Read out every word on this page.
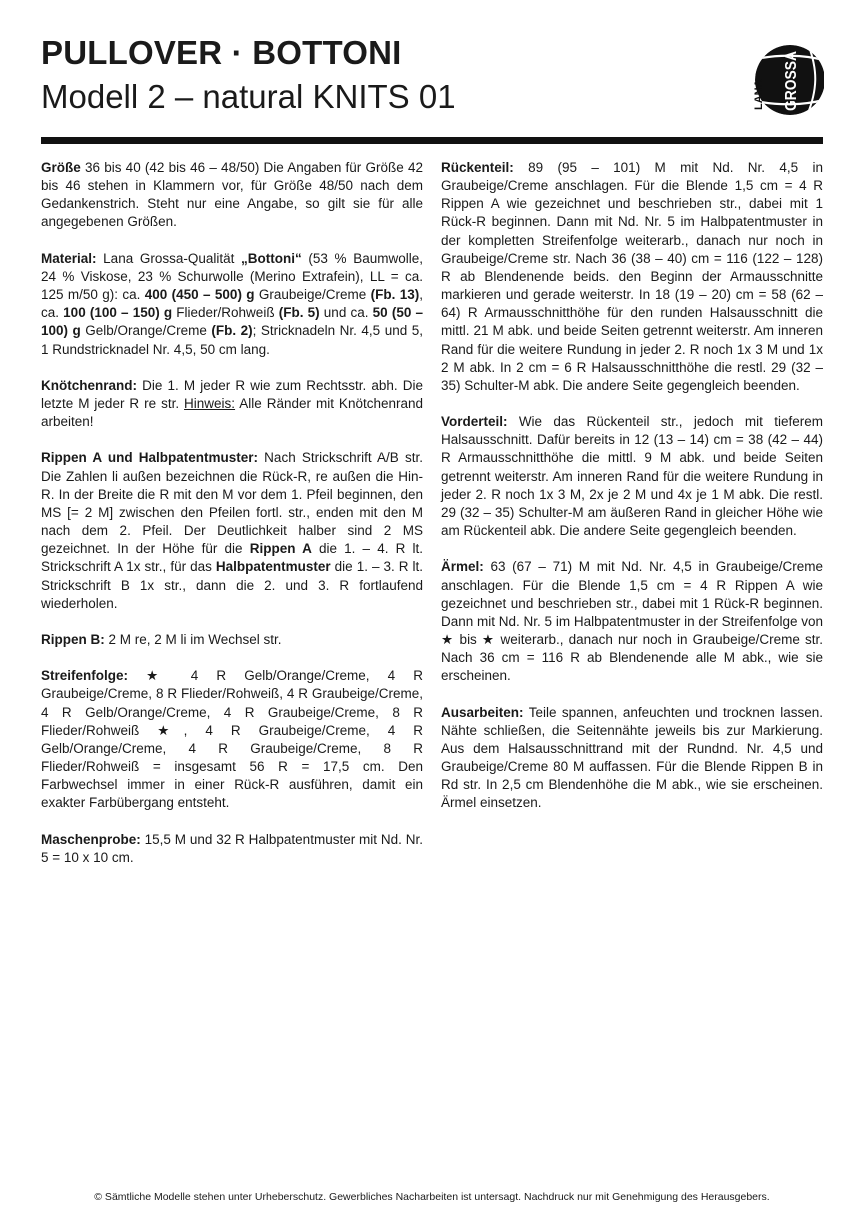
PULLOVER · BOTTONI
Modell 2 – natural KNITS 01	LANA GROSSA

Größe 36 bis 40 (42 bis 46 – 48/50) Die Angaben für Größe 42 bis 46 stehen in Klammern vor, für Größe 48/50 nach dem Gedankenstrich. Steht nur eine Angabe, so gilt sie für alle angegebenen Größen.

Material: Lana Grossa-Qualität „Bottoni“ (53 % Baumwolle, 24 % Viskose, 23 % Schurwolle (Merino Extrafein), LL = ca. 125 m/50 g): ca. 400 (450 – 500) g Graubeige/Creme (Fb. 13), ca. 100 (100 – 150) g Flieder/Rohweiß (Fb. 5) und ca. 50 (50 – 100) g Gelb/Orange/Creme (Fb. 2); Stricknadeln Nr. 4,5 und 5, 1 Rundstricknadel Nr. 4,5, 50 cm lang.

Knötchenrand: Die 1. M jeder R wie zum Rechtsstr. abh. Die letzte M jeder R re str. Hinweis: Alle Ränder mit Knötchenrand arbeiten!

Rippen A und Halbpatentmuster: Nach Strickschrift A/B str. Die Zahlen li außen bezeichnen die Rück-R, re außen die Hin-R. In der Breite die R mit den M vor dem 1. Pfeil beginnen, den MS [= 2 M] zwischen den Pfeilen fortl. str., enden mit den M nach dem 2. Pfeil. Der Deutlichkeit halber sind 2 MS gezeichnet. In der Höhe für die Rippen A die 1. – 4. R lt. Strickschrift A 1x str., für das Halbpatentmuster die 1. – 3. R lt. Strickschrift B 1x str., dann die 2. und 3. R fortlaufend wiederholen.

Rippen B: 2 M re, 2 M li im Wechsel str.

Streifenfolge: ★ 4 R Gelb/Orange/Creme, 4 R Graubeige/Creme, 8 R Flieder/Rohweiß, 4 R Graubeige/Creme, 4 R Gelb/Orange/Creme, 4 R Graubeige/Creme, 8 R Flieder/Rohweiß ★, 4 R Graubeige/Creme, 4 R Gelb/Orange/Creme, 4 R Graubeige/Creme, 8 R Flieder/Rohweiß = insgesamt 56 R = 17,5 cm. Den Farbwechsel immer in einer Rück-R ausführen, damit ein exakter Farbübergang entsteht.

Maschenprobe: 15,5 M und 32 R Halbpatentmuster mit Nd. Nr. 5 = 10 x 10 cm.

Rückenteil: 89 (95 – 101) M mit Nd. Nr. 4,5 in Graubeige/Creme anschlagen. Für die Blende 1,5 cm = 4 R Rippen A wie gezeichnet und beschrieben str., dabei mit 1 Rück-R beginnen. Dann mit Nd. Nr. 5 im Halbpatentmuster in der kompletten Streifenfolge weiterarb., danach nur noch in Graubeige/Creme str. Nach 36 (38 – 40) cm = 116 (122 – 128) R ab Blendenende beids. den Beginn der Armausschnitte markieren und gerade weiterstr. In 18 (19 – 20) cm = 58 (62 – 64) R Armausschnitthöhe für den runden Halsausschnitt die mittl. 21 M abk. und beide Seiten getrennt weiterstr. Am inneren Rand für die weitere Rundung in jeder 2. R noch 1x 3 M und 1x 2 M abk. In 2 cm = 6 R Halsausschnitthöhe die restl. 29 (32 – 35) Schulter-M abk. Die andere Seite gegengleich beenden.

Vorderteil: Wie das Rückenteil str., jedoch mit tieferem Halsausschnitt. Dafür bereits in 12 (13 – 14) cm = 38 (42 – 44) R Armausschnitthöhe die mittl. 9 M abk. und beide Seiten getrennt weiterstr. Am inneren Rand für die weitere Rundung in jeder 2. R noch 1x 3 M, 2x je 2 M und 4x je 1 M abk. Die restl. 29 (32 – 35) Schulter-M am äußeren Rand in gleicher Höhe wie am Rückenteil abk. Die andere Seite gegengleich beenden.

Ärmel: 63 (67 – 71) M mit Nd. Nr. 4,5 in Graubeige/Creme anschlagen. Für die Blende 1,5 cm = 4 R Rippen A wie gezeichnet und beschrieben str., dabei mit 1 Rück-R beginnen. Dann mit Nd. Nr. 5 im Halbpatentmuster in der Streifenfolge von ★ bis ★ weiterarb., danach nur noch in Graubeige/Creme str. Nach 36 cm = 116 R ab Blendenende alle M abk., wie sie erscheinen.

Ausarbeiten: Teile spannen, anfeuchten und trocknen lassen. Nähte schließen, die Seitennähte jeweils bis zur Markierung. Aus dem Halsausschnittrand mit der Rundnd. Nr. 4,5 und Graubeige/Creme 80 M auffassen. Für die Blende Rippen B in Rd str. In 2,5 cm Blendenhöhe die M abk., wie sie erscheinen. Ärmel einsetzen.

© Sämtliche Modelle stehen unter Urheberschutz. Gewerbliches Nacharbeiten ist untersagt. Nachdruck nur mit Genehmigung des Herausgebers.
